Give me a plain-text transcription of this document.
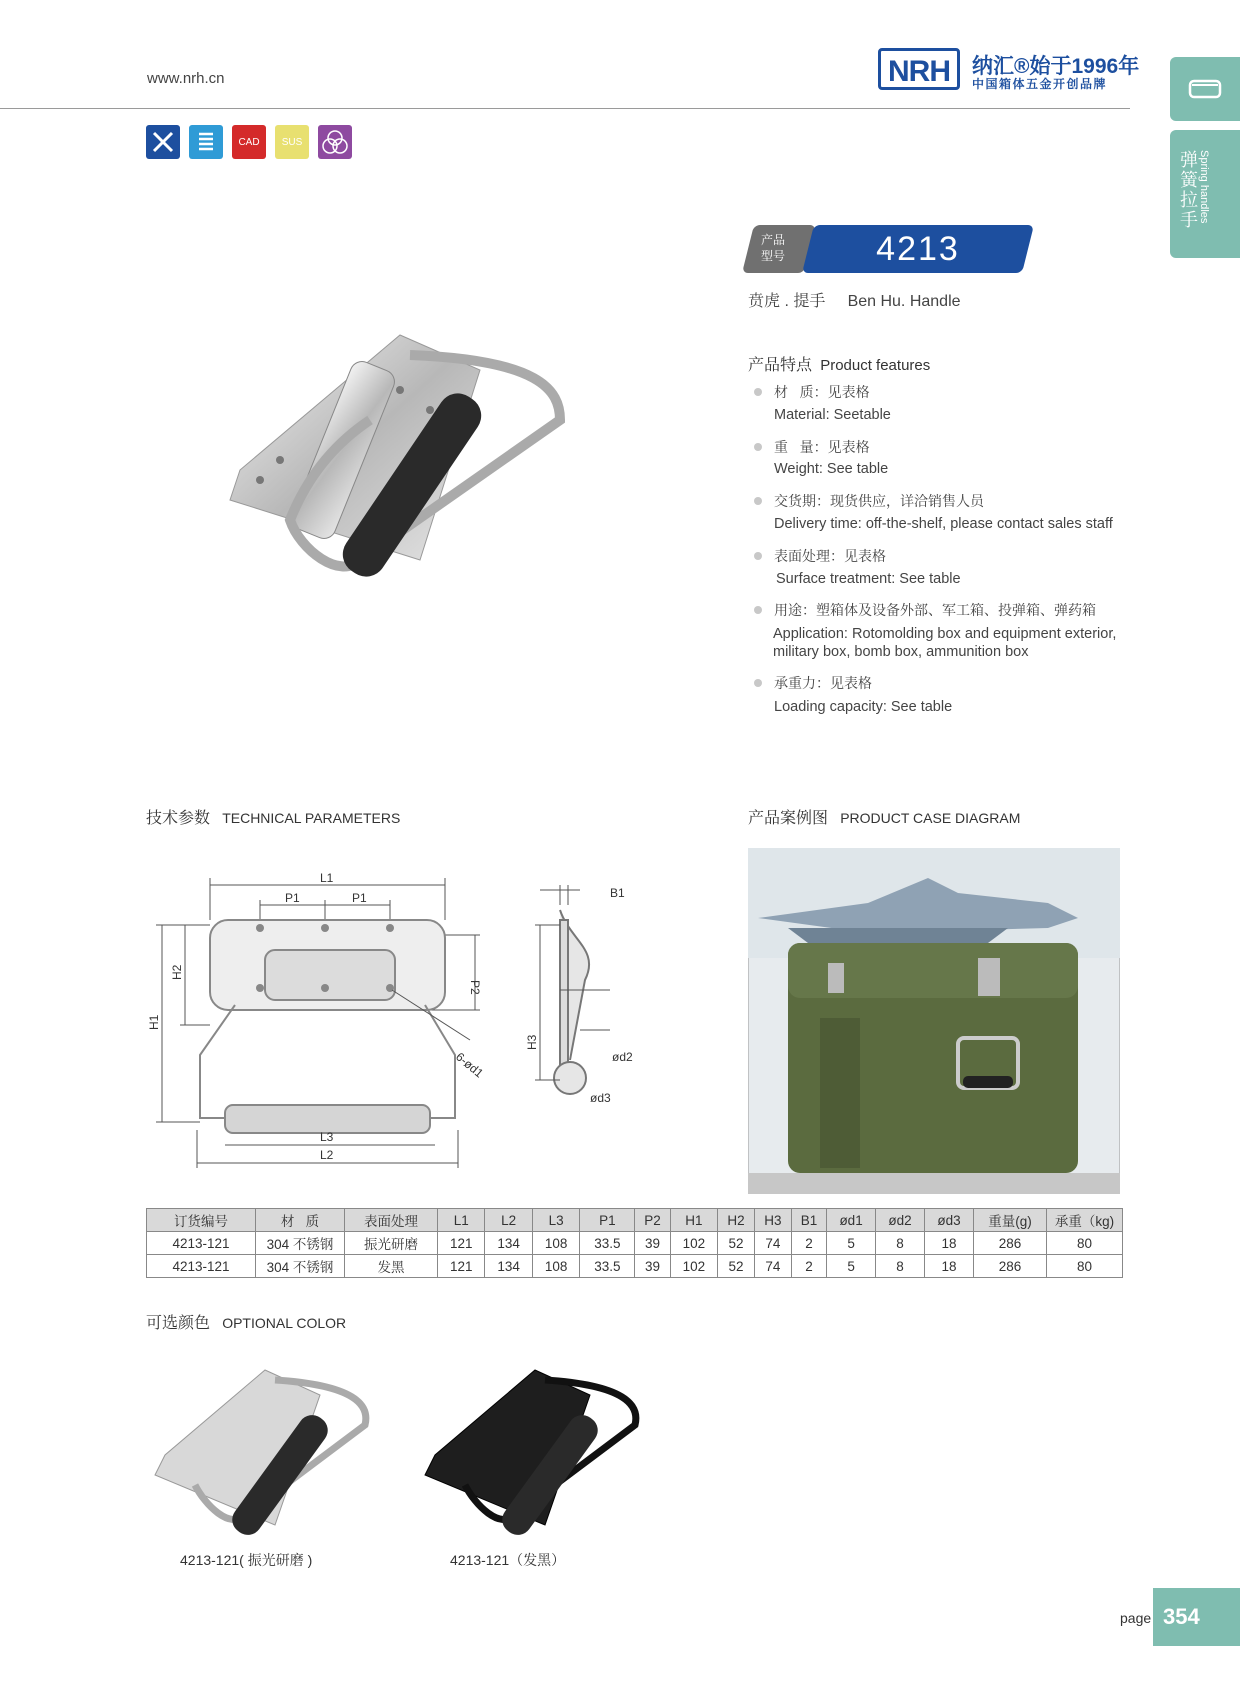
www.nrh.cn	NRH	纳汇®始于1996年
中国箱体五金开创品牌
弹簧拉手 Spring handles
CAD SUS
产品
型号	4213
贲虎 . 提手     Ben Hu. Handle
产品特点 Product features
材   质：见表格
Material: Seetable
重   量：见表格
Weight: See table
交货期：现货供应，详洽销售人员
Delivery time: off-the-shelf, please contact sales staff
表面处理：见表格
Surface treatment: See table
用途：塑箱体及设备外部、军工箱、投弹箱、弹药箱
Application: Rotomolding box and equipment exterior,
military box, bomb box, ammunition box
承重力：见表格
Loading capacity: See table
技术参数 TECHNICAL PARAMETERS	产品案例图 PRODUCT CASE DIAGRAM
L1
P1	P1
H1
H2
P2
L3
L2
6-ød1
B1
H3
ød2
ød3
订货编号	材   质	表面处理	L1	L2	L3	P1	P2	H1	H2	H3	B1	ød1	ød2	ød3	重量(g)	承重（kg)
4213-121	304 不锈钢	振光研磨	121	134	108	33.5	39	102	52	74	2	5	8	18	286	80
4213-121	304 不锈钢	发黑	121	134	108	33.5	39	102	52	74	2	5	8	18	286	80
可选颜色 OPTIONAL COLOR
4213-121( 振光研磨 )	4213-121（发黑）
page 354
